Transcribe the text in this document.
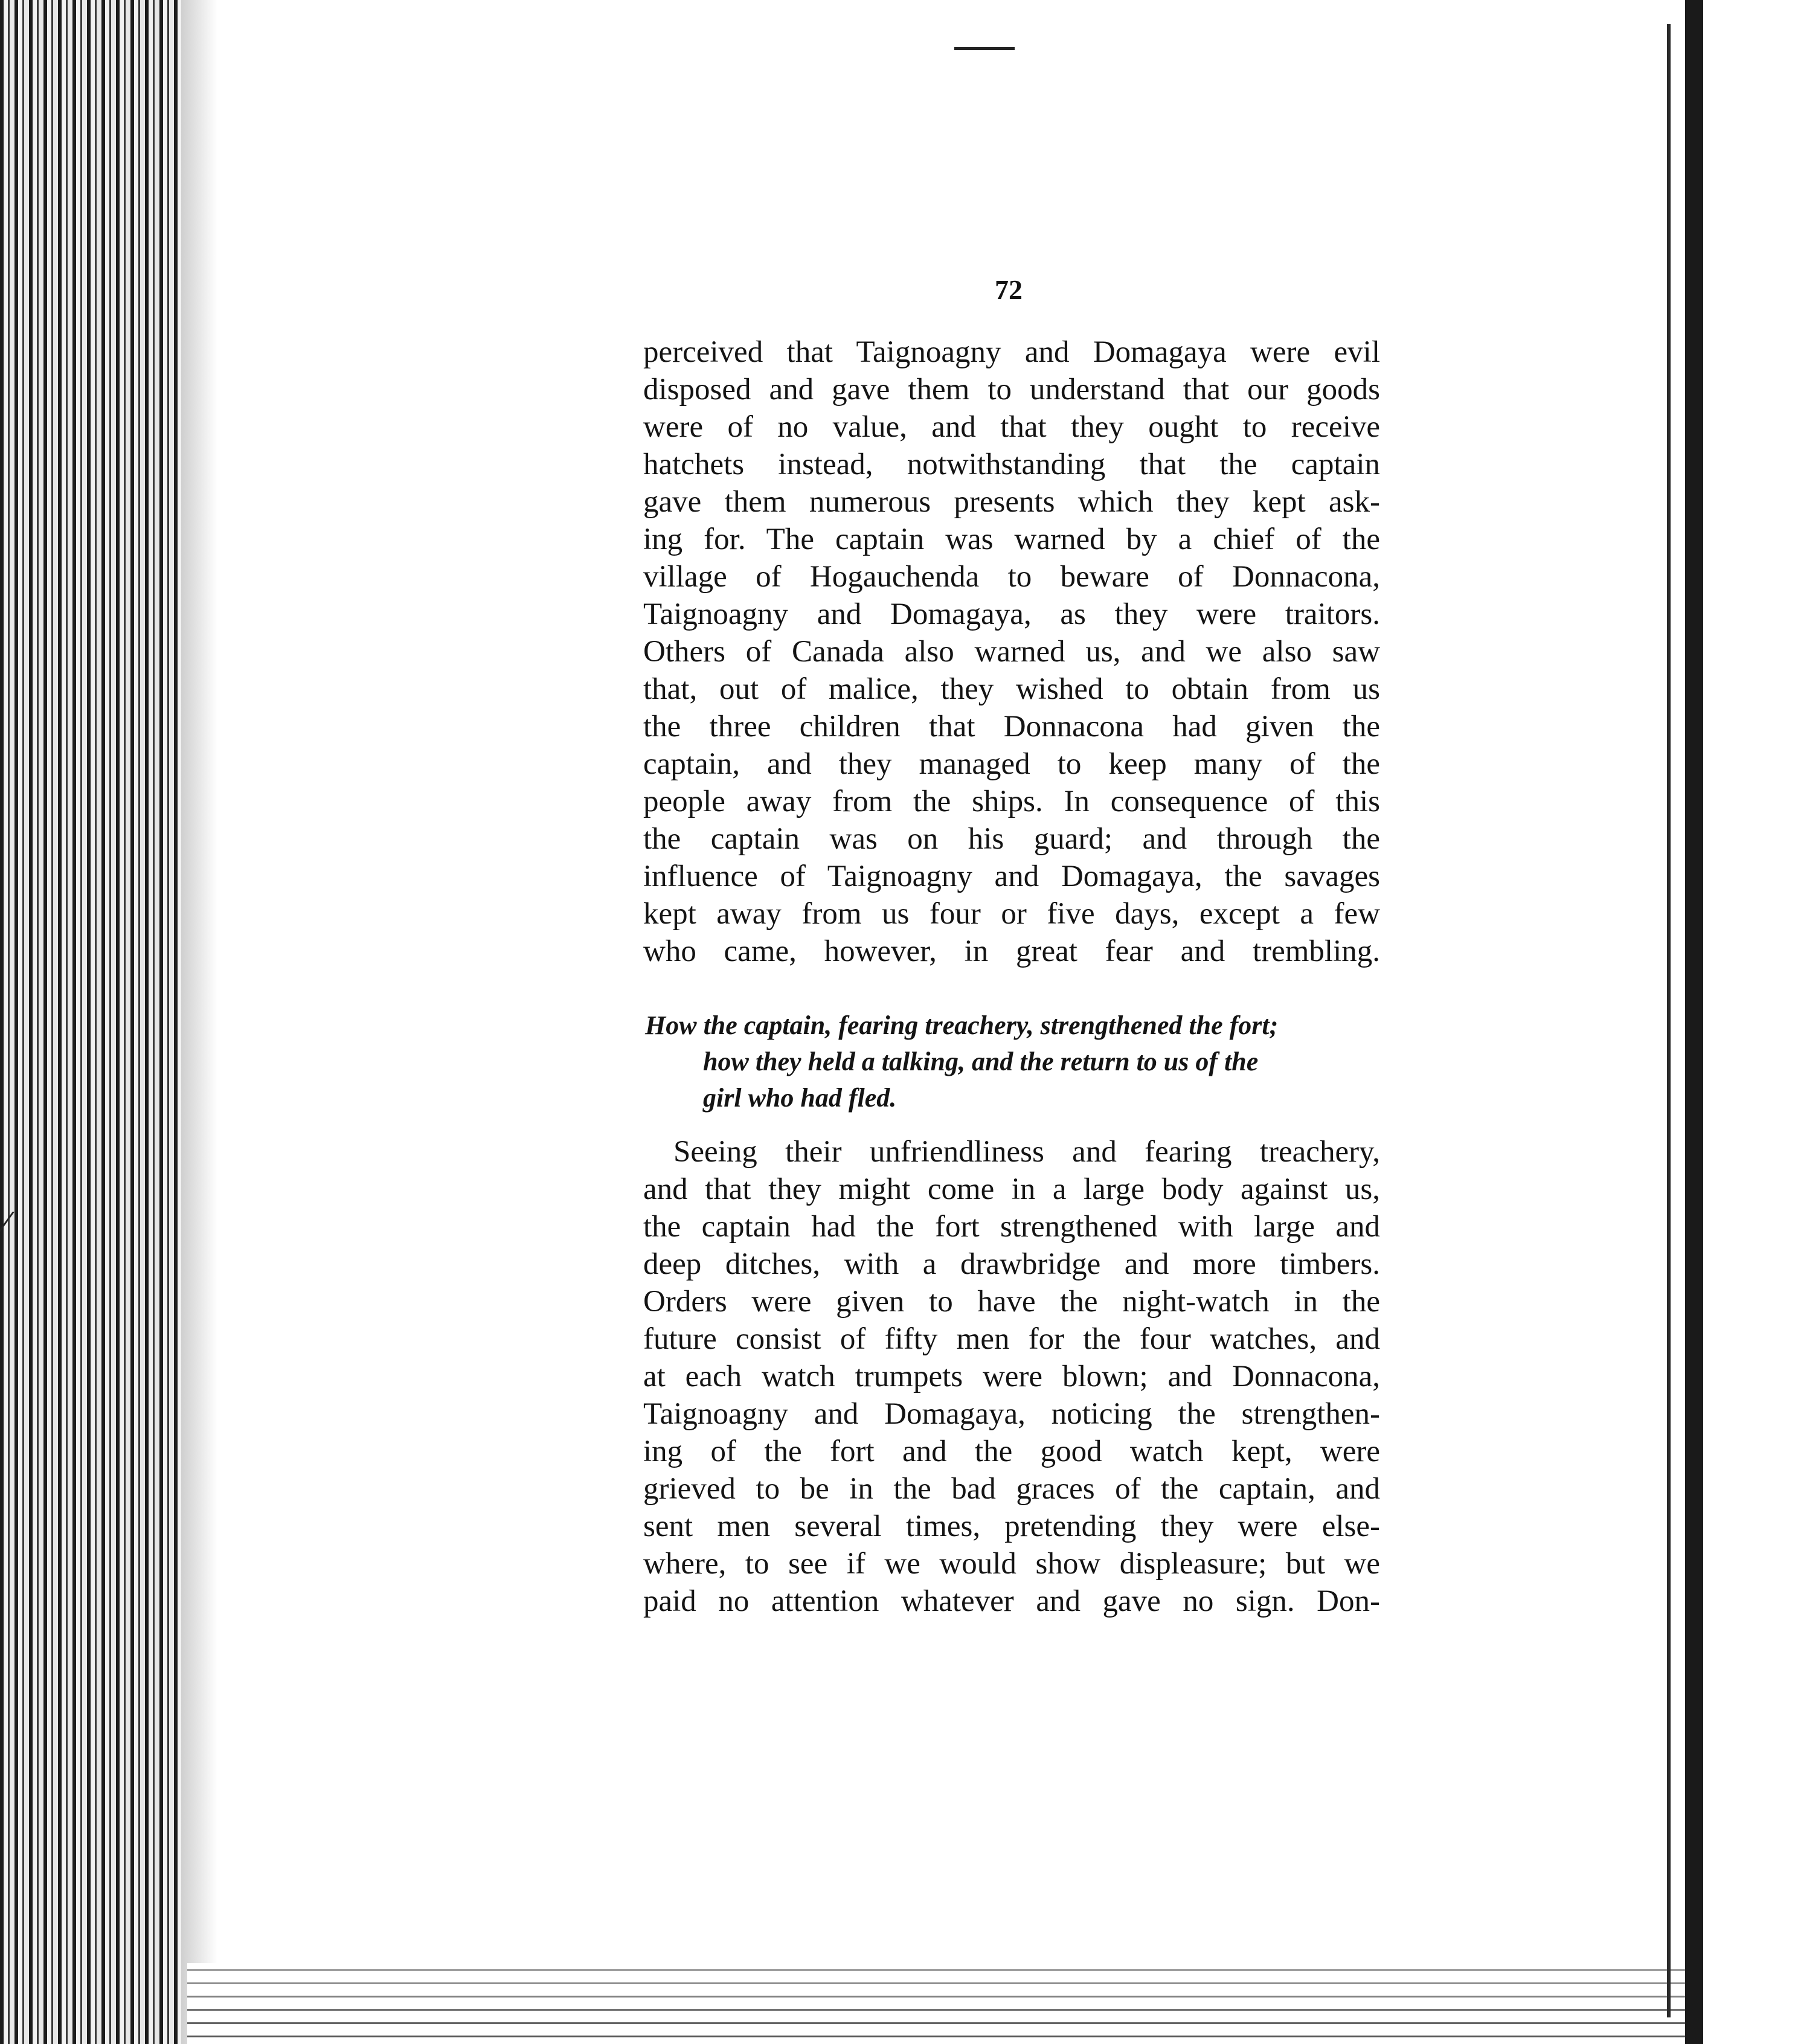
⁄
72
perceived that Taignoagny and Domagaya were evil
disposed and gave them to understand that our goods
were of no value, and that they ought to receive
hatchets instead, notwithstanding that the captain
gave them numerous presents which they kept ask-
ing for. The captain was warned by a chief of the
village of Hogauchenda to beware of Donnacona,
Taignoagny and Domagaya, as they were traitors.
Others of Canada also warned us, and we also saw
that, out of malice, they wished to obtain from us
the three children that Donnacona had given the
captain, and they managed to keep many of the
people away from the ships. In consequence of this
the captain was on his guard; and through the
influence of Taignoagny and Domagaya, the savages
kept away from us four or five days, except a few
who came, however, in great fear and trembling.
How the captain, fearing treachery, strengthened the fort;
how they held a talking, and the return to us of the
girl who had fled.
Seeing their unfriendliness and fearing treachery,
and that they might come in a large body against us,
the captain had the fort strengthened with large and
deep ditches, with a drawbridge and more timbers.
Orders were given to have the night-watch in the
future consist of fifty men for the four watches, and
at each watch trumpets were blown; and Donnacona,
Taignoagny and Domagaya, noticing the strengthen-
ing of the fort and the good watch kept, were
grieved to be in the bad graces of the captain, and
sent men several times, pretending they were else-
where, to see if we would show displeasure; but we
paid no attention whatever and gave no sign. Don-
